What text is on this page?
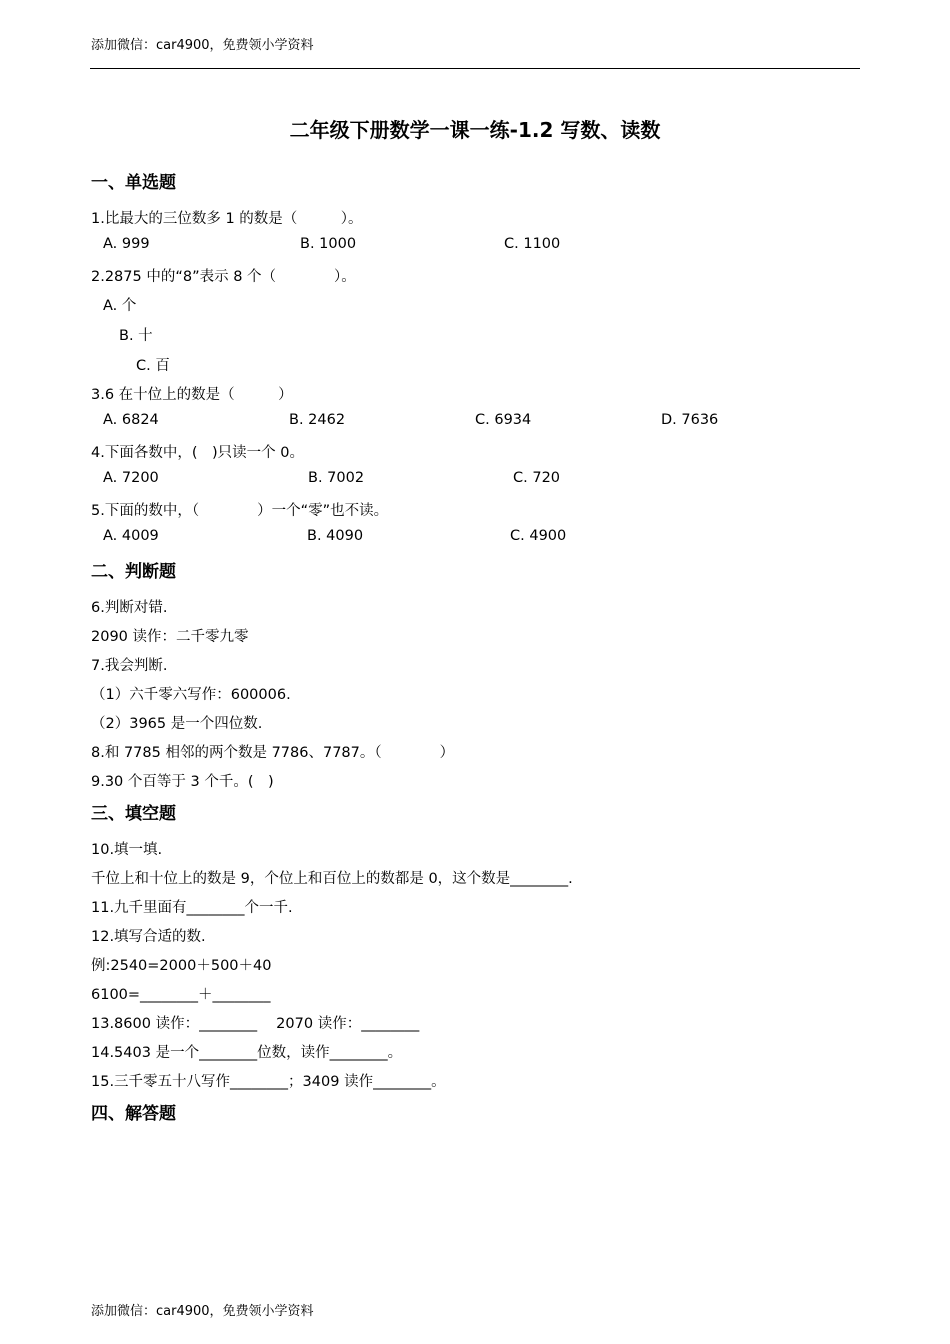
添加微信：car4900，免费领小学资料
二年级下册数学一课一练-1.2 写数、读数
一、单选题
1.比最大的三位数多 1 的数是（　　　）。
A. 999	B. 1000	C. 1100
2.2875 中的“8”表示 8 个（　　　　）。
A. 个
B. 十
C. 百
3.6 在十位上的数是（　　　）
A. 6824	B. 2462	C. 6934	D. 7636
4.下面各数中，(　)只读一个 0。
A. 7200	B. 7002	C. 720
5.下面的数中，（　　　　）一个“零”也不读。
A. 4009	B. 4090	C. 4900
二、判断题
6.判断对错.
2090 读作：二千零九零
7.我会判断.
（1）六千零六写作：600006.
（2）3965 是一个四位数.
8.和 7785 相邻的两个数是 7786、7787。（　　　　）
9.30 个百等于 3 个千。(　)
三、填空题
10.填一填.
千位上和十位上的数是 9，个位上和百位上的数都是 0，这个数是________.
11.九千里面有________个一千.
12.填写合适的数.
例:2540=2000＋500＋40
6100=________＋________
13.8600 读作：________　 2070 读作：________
14.5403 是一个________位数，读作________。
15.三千零五十八写作________；3409 读作________。
四、解答题
添加微信：car4900，免费领小学资料
